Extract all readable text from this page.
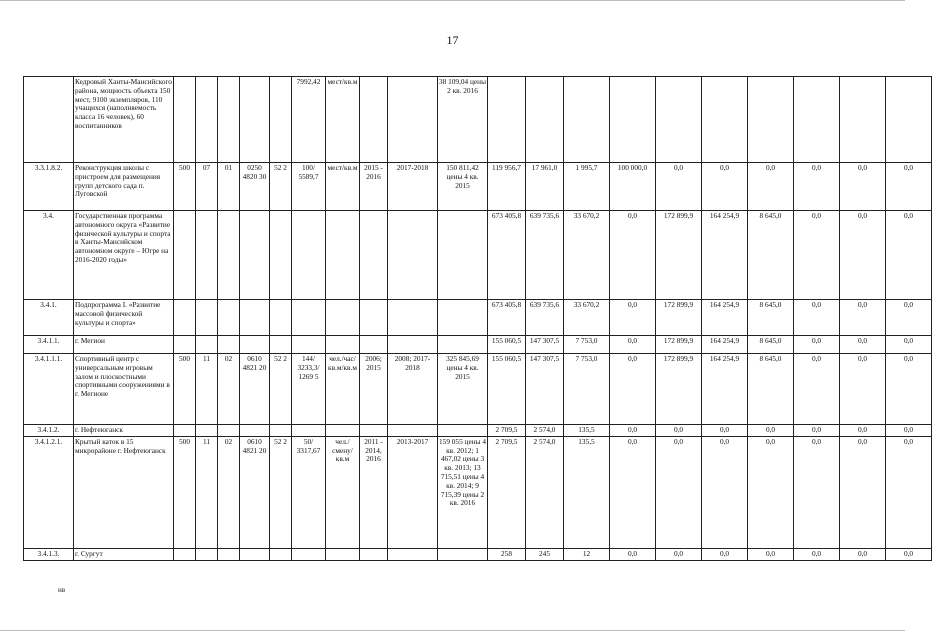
17
	Кедровый Ханты-Мансийского района, мощность объекта 150 мест, 9100 экземпляров, 110 учащихся (наполняемость класса 16 человек), 60 воспитанников						7992,42	мест/кв.м			38 109,04 цены 2 кв. 2016										
3.3.1.8.2.	Реконструкция школы с пристроем для размещения групп детского сада п. Луговской	500	07	01	0250 4820 30	52 2	100/ 5589,7	мест/кв.м	2015 - 2016	2017-2018	150 811,42 цены 4 кв. 2015	119 956,7	17 961,0	1 995,7	100 000,0	0,0	0,0	0,0	0,0	0,0	0,0
3.4.	Государственная программа автономного округа «Развитие физической культуры и спорта в Ханты-Мансийском автономном округе – Югре на 2016-2020 годы»											673 405,8	639 735,6	33 670,2	0,0	172 899,9	164 254,9	8 645,0	0,0	0,0	0,0
3.4.1.	Подпрограмма I. «Развитие массовой физической культуры и спорта»											673 405,8	639 735,6	33 670,2	0,0	172 899,9	164 254,9	8 645,0	0,0	0,0	0,0
3.4.1.1.	г. Мегион											155 060,5	147 307,5	7 753,0	0,0	172 899,9	164 254,9	8 645,0	0,0	0,0	0,0
3.4.1.1.1.	Спортивный центр с универсальным игровым залом и плоскостными спортивными сооружениями в г. Мегионе	500	11	02	0610 4821 20	52 2	144/ 3233,3/ 1269 5	чел./час/кв.м/кв.м	2006; 2015	2008; 2017-2018	325 845,69 цены 4 кв. 2015	155 060,5	147 307,5	7 753,0	0,0	172 899,9	164 254,9	8 645,0	0,0	0,0	0,0
3.4.1.2.	г. Нефтеюганск											2 709,5	2 574,0	135,5	0,0	0,0	0,0	0,0	0,0	0,0	0,0
3.4.1.2.1.	Крытый каток в 15 микрорайоне г. Нефтеюганск	500	11	02	0610 4821 20	52 2	50/ 3317,67	чел./смену/кв.м	2011 - 2014, 2016	2013-2017	159 055 цены 4 кв. 2012; 1 467,02 цены 3 кв. 2013; 13 715,51 цены 4 кв. 2014; 9 715,39 цены 2 кв. 2016	2 709,5	2 574,0	135,5	0,0	0,0	0,0	0,0	0,0	0,0	0,0
3.4.1.3.	г. Сургут											258	245	12	0,0	0,0	0,0	0,0	0,0	0,0	0,0
нв
